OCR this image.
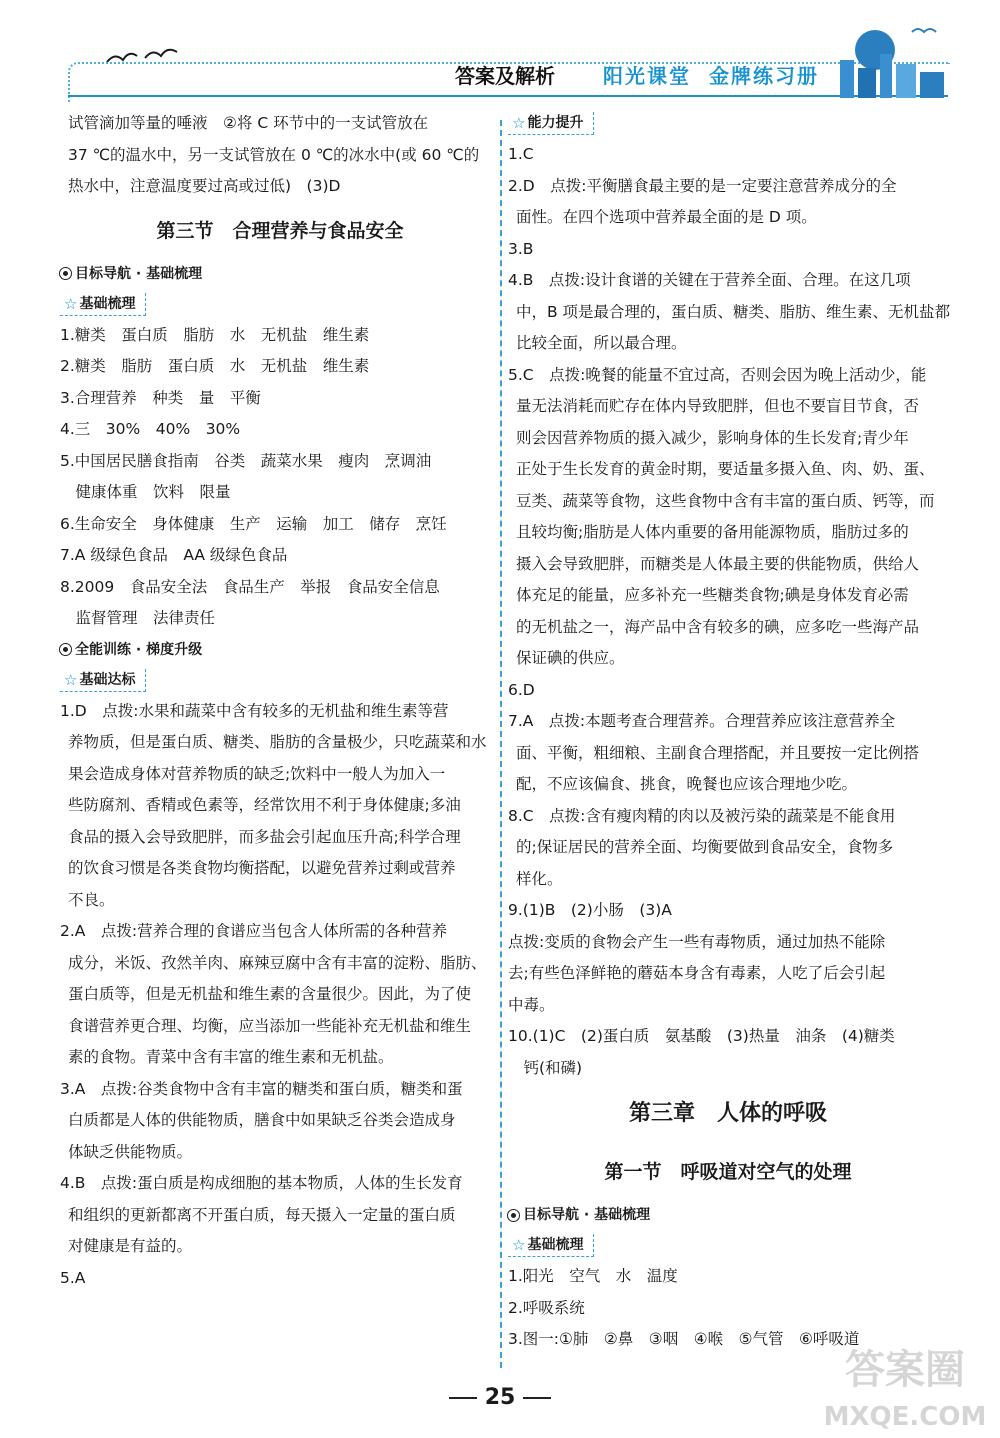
答案及解析 阳光课堂 金牌练习册
试管滴加等量的唾液　②将 C 环节中的一支试管放在
37 ℃的温水中，另一支试管放在 0 ℃的冰水中(或 60 ℃的
热水中，注意温度要过高或过低)　(3)D
第三节　合理营养与食品安全
目标导航 · 基础梳理
☆ 基础梳理
1.糖类　蛋白质　脂肪　水　无机盐　维生素
2.糖类　脂肪　蛋白质　水　无机盐　维生素
3.合理营养　种类　量　平衡
4.三　30%　40%　30%
5.中国居民膳食指南　谷类　蔬菜水果　瘦肉　烹调油
　健康体重　饮料　限量
6.生命安全　身体健康　生产　运输　加工　储存　烹饪
7.A 级绿色食品　AA 级绿色食品
8.2009　食品安全法　食品生产　举报　食品安全信息
　监督管理　法律责任
全能训练 · 梯度升级
☆ 基础达标
1.D　点拨:水果和蔬菜中含有较多的无机盐和维生素等营
养物质，但是蛋白质、糖类、脂肪的含量极少，只吃蔬菜和水
果会造成身体对营养物质的缺乏;饮料中一般人为加入一
些防腐剂、香精或色素等，经常饮用不利于身体健康;多油
食品的摄入会导致肥胖，而多盐会引起血压升高;科学合理
的饮食习惯是各类食物均衡搭配，以避免营养过剩或营养
不良。
2.A　点拨:营养合理的食谱应当包含人体所需的各种营养
成分，米饭、孜然羊肉、麻辣豆腐中含有丰富的淀粉、脂肪、
蛋白质等，但是无机盐和维生素的含量很少。因此，为了使
食谱营养更合理、均衡，应当添加一些能补充无机盐和维生
素的食物。青菜中含有丰富的维生素和无机盐。
3.A　点拨:谷类食物中含有丰富的糖类和蛋白质，糖类和蛋
白质都是人体的供能物质，膳食中如果缺乏谷类会造成身
体缺乏供能物质。
4.B　点拨:蛋白质是构成细胞的基本物质，人体的生长发育
和组织的更新都离不开蛋白质，每天摄入一定量的蛋白质
对健康是有益的。
5.A
☆ 能力提升
1.C
2.D　点拨:平衡膳食最主要的是一定要注意营养成分的全
面性。在四个选项中营养最全面的是 D 项。
3.B
4.B　点拨:设计食谱的关键在于营养全面、合理。在这几项
中，B 项是最合理的，蛋白质、糖类、脂肪、维生素、无机盐都
比较全面，所以最合理。
5.C　点拨:晚餐的能量不宜过高，否则会因为晚上活动少，能
量无法消耗而贮存在体内导致肥胖，但也不要盲目节食，否
则会因营养物质的摄入减少，影响身体的生长发育;青少年
正处于生长发育的黄金时期，要适量多摄入鱼、肉、奶、蛋、
豆类、蔬菜等食物，这些食物中含有丰富的蛋白质、钙等，而
且较均衡;脂肪是人体内重要的备用能源物质，脂肪过多的
摄入会导致肥胖，而糖类是人体最主要的供能物质，供给人
体充足的能量，应多补充一些糖类食物;碘是身体发育必需
的无机盐之一，海产品中含有较多的碘，应多吃一些海产品
保证碘的供应。
6.D
7.A　点拨:本题考查合理营养。合理营养应该注意营养全
面、平衡，粗细粮、主副食合理搭配，并且要按一定比例搭
配，不应该偏食、挑食，晚餐也应该合理地少吃。
8.C　点拨:含有瘦肉精的肉以及被污染的蔬菜是不能食用
的;保证居民的营养全面、均衡要做到食品安全，食物多
样化。
9.(1)B　(2)小肠　(3)A
点拨:变质的食物会产生一些有毒物质，通过加热不能除
去;有些色泽鲜艳的蘑菇本身含有毒素，人吃了后会引起
中毒。
10.(1)C　(2)蛋白质　氨基酸　(3)热量　油条　(4)糖类
　钙(和磷)
第三章　人体的呼吸
第一节　呼吸道对空气的处理
目标导航 · 基础梳理
☆ 基础梳理
1.阳光　空气　水　温度
2.呼吸系统
3.图一:①肺　②鼻　③咽　④喉　⑤气管　⑥呼吸道
25
答案圈
MXQE.COM
